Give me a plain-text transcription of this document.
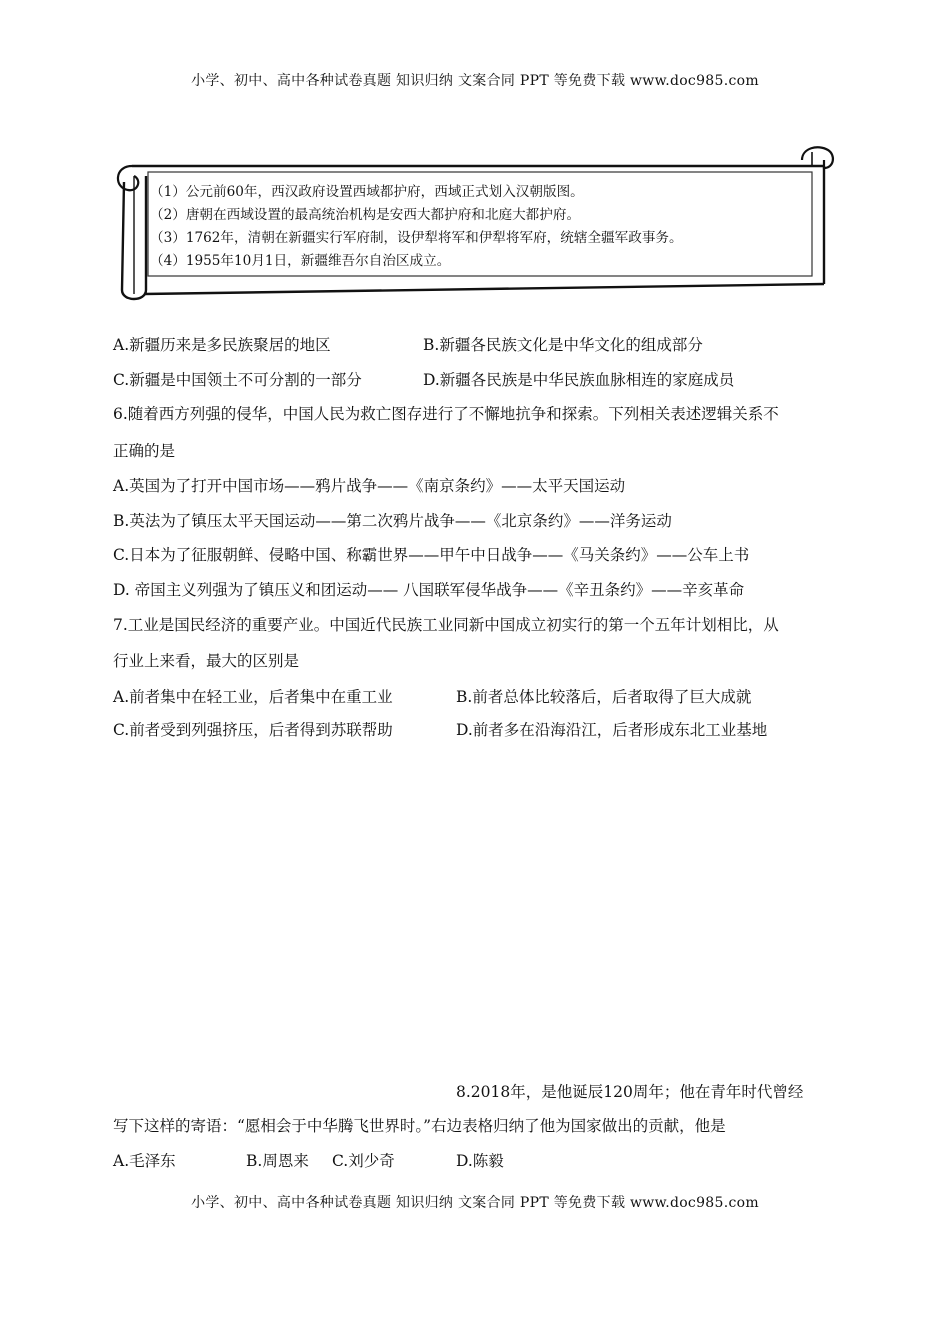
小学、初中、高中各种试卷真题 知识归纳 文案合同 PPT 等免费下载 www.doc985.com
（1）公元前60年，西汉政府设置西域都护府，西域正式划入汉朝版图。
（2）唐朝在西域设置的最高统治机构是安西大都护府和北庭大都护府。
（3）1762年，清朝在新疆实行军府制，设伊犁将军和伊犁将军府，统辖全疆军政事务。
（4）1955年10月1日，新疆维吾尔自治区成立。
A.新疆历来是多民族聚居的地区	B.新疆各民族文化是中华文化的组成部分
C.新疆是中国领土不可分割的一部分	D.新疆各民族是中华民族血脉相连的家庭成员
6.随着西方列强的侵华，中国人民为救亡图存进行了不懈地抗争和探索。下列相关表述逻辑关系不
正确的是
A.英国为了打开中国市场——鸦片战争——《南京条约》——太平天国运动
B.英法为了镇压太平天国运动——第二次鸦片战争——《北京条约》——洋务运动
C.日本为了征服朝鲜、侵略中国、称霸世界——甲午中日战争——《马关条约》——公车上书
D. 帝国主义列强为了镇压义和团运动—— 八国联军侵华战争——《辛丑条约》——辛亥革命
7.工业是国民经济的重要产业。中国近代民族工业同新中国成立初实行的第一个五年计划相比，从
行业上来看，最大的区别是
A.前者集中在轻工业，后者集中在重工业	B.前者总体比较落后，后者取得了巨大成就
C.前者受到列强挤压，后者得到苏联帮助	D.前者多在沿海沿江，后者形成东北工业基地
8.2018年，是他诞辰120周年；他在青年时代曾经
写下这样的寄语：“愿相会于中华腾飞世界时。”右边表格归纳了他为国家做出的贡献，他是
A.毛泽东	B.周恩来 C.刘少奇	D.陈毅
小学、初中、高中各种试卷真题 知识归纳 文案合同 PPT 等免费下载 www.doc985.com
